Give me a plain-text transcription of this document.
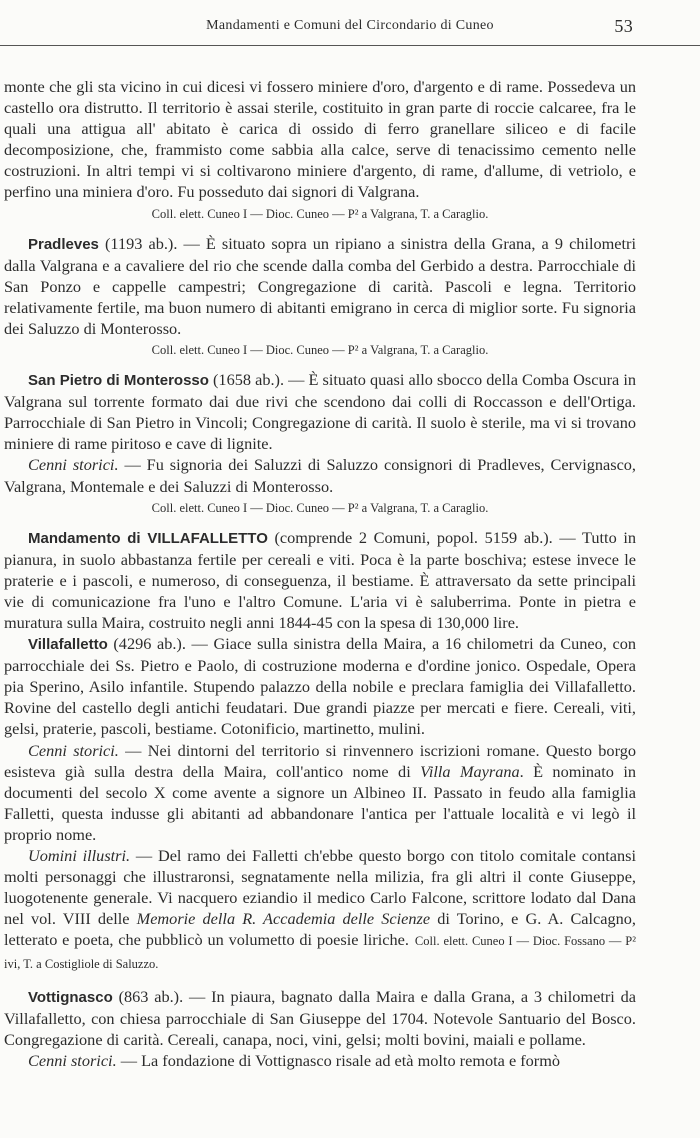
Mandamenti e Comuni del Circondario di Cuneo	53

monte che gli sta vicino in cui dicesi vi fossero miniere d'oro, d'argento e di rame. Possedeva un castello ora distrutto. Il territorio è assai sterile, costituito in gran parte di roccie calcaree, fra le quali una attigua all' abitato è carica di ossido di ferro granellare siliceo e di facile decomposizione, che, frammisto come sabbia alla calce, serve di tenacissimo cemento nelle costruzioni. In altri tempi vi si coltivarono miniere d'argento, di rame, d'allume, di vetriolo, e perfino una miniera d'oro. Fu posseduto dai signori di Valgrana.

Coll. elett. Cuneo I — Dioc. Cuneo — P² a Valgrana, T. a Caraglio.

Pradleves (1193 ab.). — È situato sopra un ripiano a sinistra della Grana, a 9 chilometri dalla Valgrana e a cavaliere del rio che scende dalla comba del Gerbido a destra. Parrocchiale di San Ponzo e cappelle campestri; Congregazione di carità. Pascoli e legna. Territorio relativamente fertile, ma buon numero di abitanti emigrano in cerca di miglior sorte. Fu signoria dei Saluzzo di Monterosso.

Coll. elett. Cuneo I — Dioc. Cuneo — P² a Valgrana, T. a Caraglio.

San Pietro di Monterosso (1658 ab.). — È situato quasi allo sbocco della Comba Oscura in Valgrana sul torrente formato dai due rivi che scendono dai colli di Roccasson e dell'Ortiga. Parrocchiale di San Pietro in Vincoli; Congregazione di carità. Il suolo è sterile, ma vi si trovano miniere di rame piritoso e cave di lignite.

Cenni storici. — Fu signoria dei Saluzzi di Saluzzo consignori di Pradleves, Cervignasco, Valgrana, Montemale e dei Saluzzi di Monterosso.

Coll. elett. Cuneo I — Dioc. Cuneo — P² a Valgrana, T. a Caraglio.

Mandamento di VILLAFALLETTO (comprende 2 Comuni, popol. 5159 ab.). — Tutto in pianura, in suolo abbastanza fertile per cereali e viti. Poca è la parte boschiva; estese invece le praterie e i pascoli, e numeroso, di conseguenza, il bestiame. È attraversato da sette principali vie di comunicazione fra l'uno e l'altro Comune. L'aria vi è saluberrima. Ponte in pietra e muratura sulla Maira, costruito negli anni 1844-45 con la spesa di 130,000 lire.

Villafalletto (4296 ab.). — Giace sulla sinistra della Maira, a 16 chilometri da Cuneo, con parrocchiale dei Ss. Pietro e Paolo, di costruzione moderna e d'ordine jonico. Ospedale, Opera pia Sperino, Asilo infantile. Stupendo palazzo della nobile e preclara famiglia dei Villafalletto. Rovine del castello degli antichi feudatari. Due grandi piazze per mercati e fiere. Cereali, viti, gelsi, praterie, pascoli, bestiame. Cotonificio, martinetto, mulini.

Cenni storici. — Nei dintorni del territorio si rinvennero iscrizioni romane. Questo borgo esisteva già sulla destra della Maira, coll'antico nome di Villa Mayrana. È nominato in documenti del secolo X come avente a signore un Albineo II. Passato in feudo alla famiglia Falletti, questa indusse gli abitanti ad abbandonare l'antica per l'attuale località e vi legò il proprio nome.

Uomini illustri. — Del ramo dei Falletti ch'ebbe questo borgo con titolo comitale contansi molti personaggi che illustraronsi, segnatamente nella milizia, fra gli altri il conte Giuseppe, luogotenente generale. Vi nacquero eziandio il medico Carlo Falcone, scrittore lodato dal Dana nel vol. VIII delle Memorie della R. Accademia delle Scienze di Torino, e G. A. Calcagno, letterato e poeta, che pubblicò un volumetto di poesie liriche. Coll. elett. Cuneo I — Dioc. Fossano — P² ivi, T. a Costigliole di Saluzzo.

Vottignasco (863 ab.). — In piaura, bagnato dalla Maira e dalla Grana, a 3 chilometri da Villafalletto, con chiesa parrocchiale di San Giuseppe del 1704. Notevole Santuario del Bosco. Congregazione di carità. Cereali, canapa, noci, vini, gelsi; molti bovini, maiali e pollame.

Cenni storici. — La fondazione di Vottignasco risale ad età molto remota e formò
